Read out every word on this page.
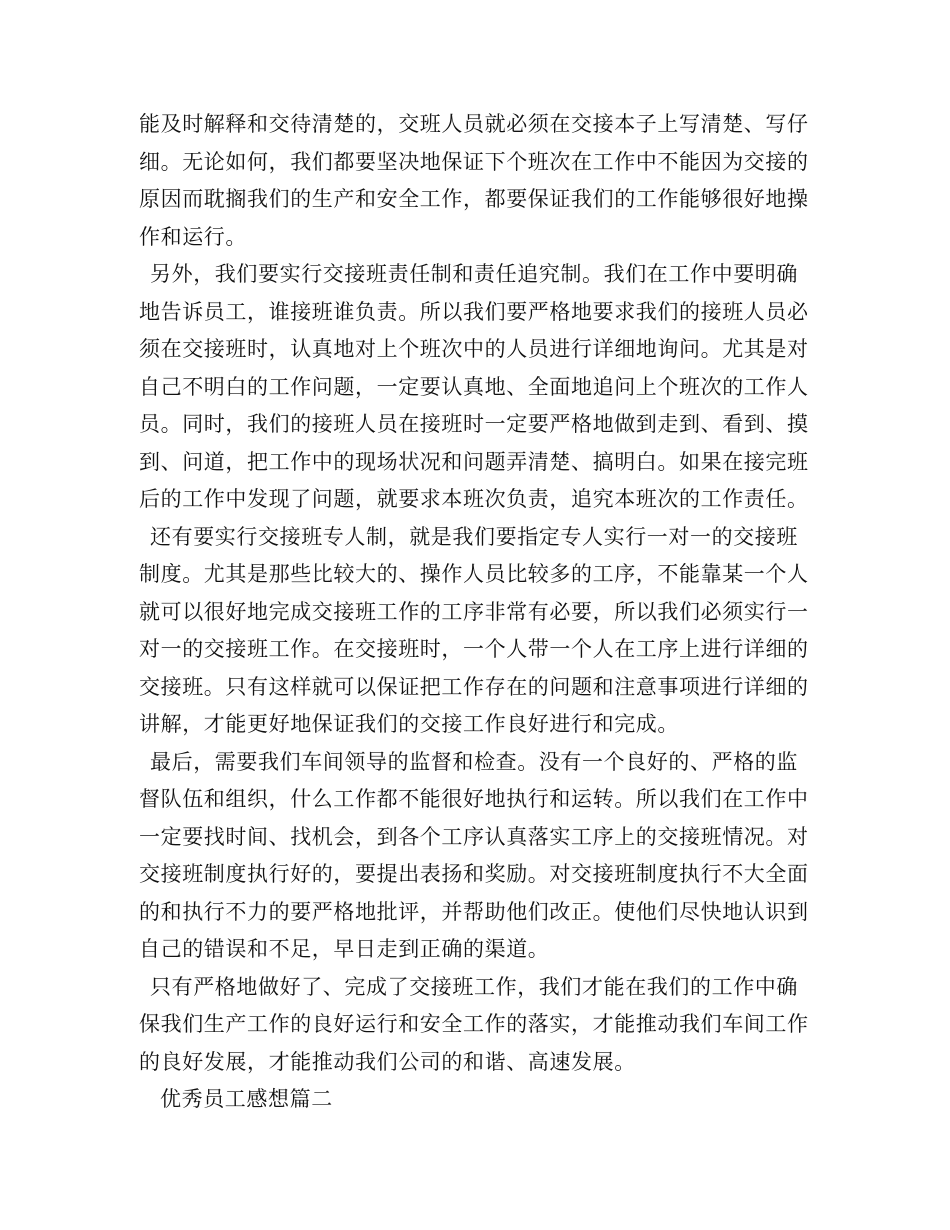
能及时解释和交待清楚的，交班人员就必须在交接本子上写清楚、写仔
细。无论如何，我们都要坚决地保证下个班次在工作中不能因为交接的
原因而耽搁我们的生产和安全工作，都要保证我们的工作能够很好地操
作和运行。
另外，我们要实行交接班责任制和责任追究制。我们在工作中要明确
地告诉员工，谁接班谁负责。所以我们要严格地要求我们的接班人员必
须在交接班时，认真地对上个班次中的人员进行详细地询问。尤其是对
自己不明白的工作问题，一定要认真地、全面地追问上个班次的工作人
员。同时，我们的接班人员在接班时一定要严格地做到走到、看到、摸
到、问道，把工作中的现场状况和问题弄清楚、搞明白。如果在接完班
后的工作中发现了问题，就要求本班次负责，追究本班次的工作责任。
还有要实行交接班专人制，就是我们要指定专人实行一对一的交接班
制度。尤其是那些比较大的、操作人员比较多的工序，不能靠某一个人
就可以很好地完成交接班工作的工序非常有必要，所以我们必须实行一
对一的交接班工作。在交接班时，一个人带一个人在工序上进行详细的
交接班。只有这样就可以保证把工作存在的问题和注意事项进行详细的
讲解，才能更好地保证我们的交接工作良好进行和完成。
最后，需要我们车间领导的监督和检查。没有一个良好的、严格的监
督队伍和组织，什么工作都不能很好地执行和运转。所以我们在工作中
一定要找时间、找机会，到各个工序认真落实工序上的交接班情况。对
交接班制度执行好的，要提出表扬和奖励。对交接班制度执行不大全面
的和执行不力的要严格地批评，并帮助他们改正。使他们尽快地认识到
自己的错误和不足，早日走到正确的渠道。
只有严格地做好了、完成了交接班工作，我们才能在我们的工作中确
保我们生产工作的良好运行和安全工作的落实，才能推动我们车间工作
的良好发展，才能推动我们公司的和谐、高速发展。
优秀员工感想篇二
